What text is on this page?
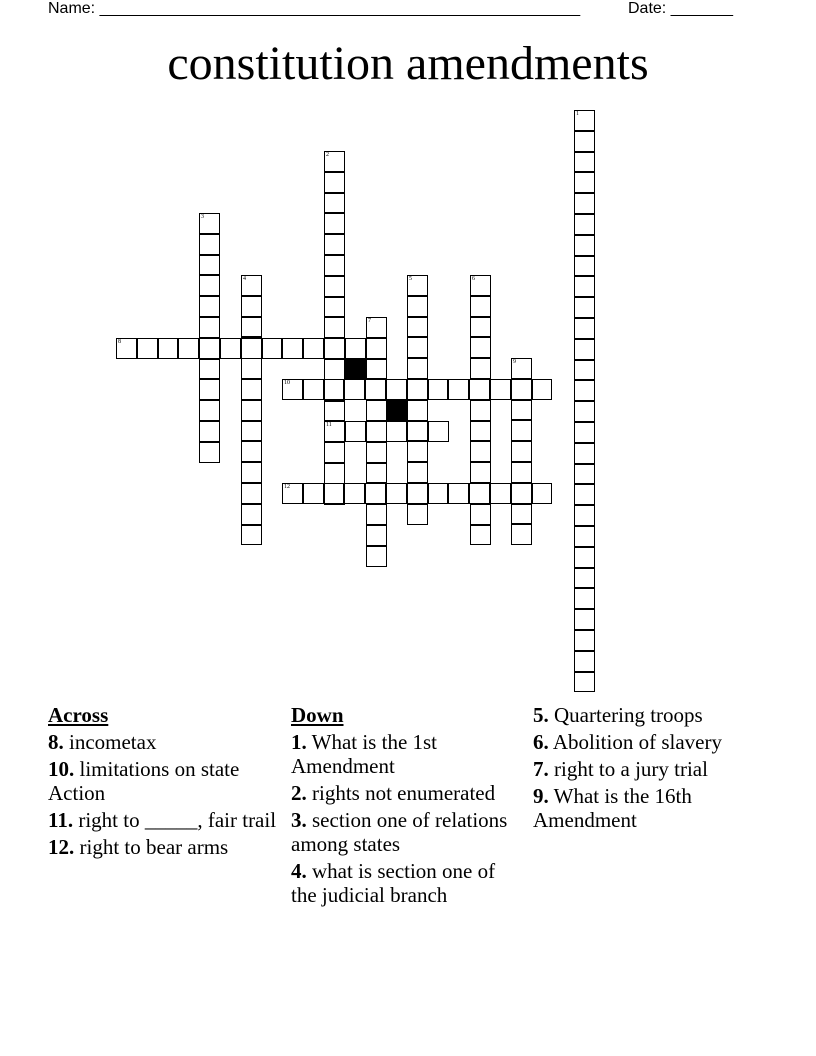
Name: ______________________________________________________	Date: _______
constitution amendments
1
2
11
3
4	5	6
7
8
9
10
12
Across
8. incometax
10. limitations on state Action
11. right to _____, fair trail
12. right to bear arms
Down
1. What is the 1st Amendment
2. rights not enumerated
3. section one of relations among states
4. what is section one of the judicial branch
5. Quartering troops
6. Abolition of slavery
7. right to a jury trial
9. What is the 16th Amendment
